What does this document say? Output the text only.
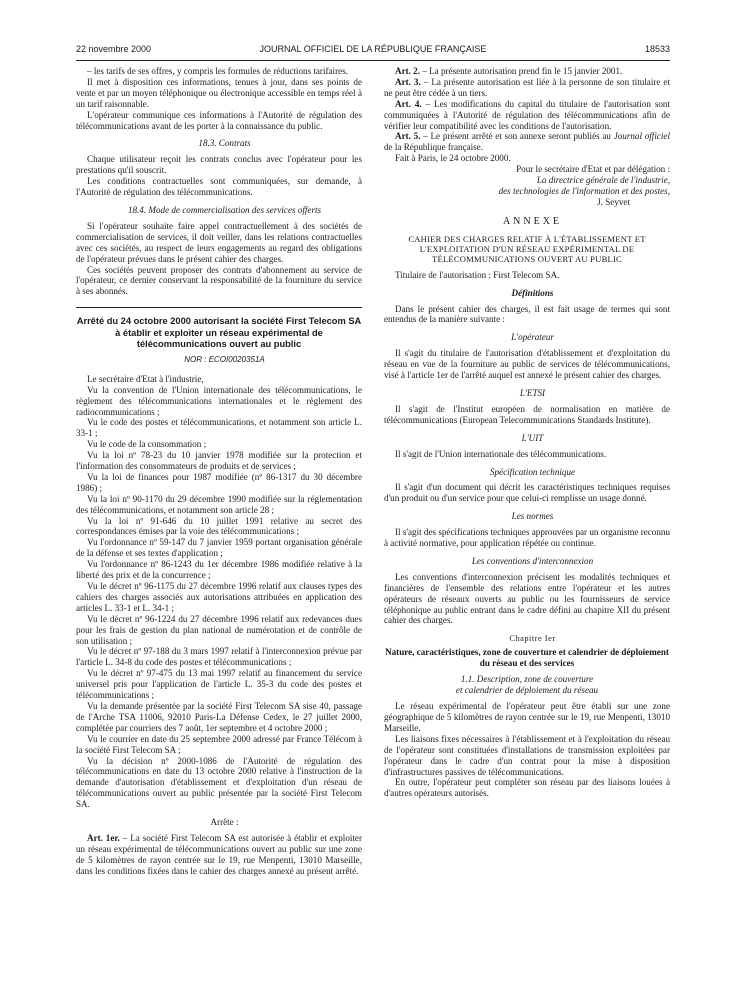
22 novembre 2000	JOURNAL OFFICIEL DE LA RÉPUBLIQUE FRANÇAISE	18533

– les tarifs de ses offres, y compris les formules de réductions tarifaires.

Il met à disposition ces informations, tenues à jour, dans ses points de vente et par un moyen téléphonique ou électronique accessible en temps réel à un tarif raisonnable.

L'opérateur communique ces informations à l'Autorité de régulation des télécommunications avant de les porter à la connaissance du public.

18.3. Contrats

Chaque utilisateur reçoit les contrats conclus avec l'opérateur pour les prestations qu'il souscrit.

Les conditions contractuelles sont communiquées, sur demande, à l'Autorité de régulation des télécommunications.

18.4. Mode de commercialisation des services offerts

Si l'opérateur souhaite faire appel contractuellement à des sociétés de commercialisation de services, il doit veiller, dans les relations contractuelles avec ces sociétés, au respect de leurs engagements au regard des obligations de l'opérateur prévues dans le présent cahier des charges.

Ces sociétés peuvent proposer des contrats d'abonnement au service de l'opérateur, ce dernier conservant la responsabilité de la fourniture du service à ses abonnés.

Arrêté du 24 octobre 2000 autorisant la société First Telecom SA à établir et exploiter un réseau expérimental de télécommunications ouvert au public

NOR : ECOI0020351A

Le secrétaire d'Etat à l'industrie,

Vu la convention de l'Union internationale des télécommunications, le règlement des télécommunications internationales et le règlement des radiocommunications ;

Vu le code des postes et télécommunications, et notamment son article L. 33-1 ;

Vu le code de la consommation ;

Vu la loi nº 78-23 du 10 janvier 1978 modifiée sur la protection et l'information des consommateurs de produits et de services ;

Vu la loi de finances pour 1987 modifiée (nº 86-1317 du 30 décembre 1986) ;

Vu la loi nº 90-1170 du 29 décembre 1990 modifiée sur la réglementation des télécommunications, et notamment son article 28 ;

Vu la loi nº 91-646 du 10 juillet 1991 relative au secret des correspondances émises par la voie des télécommunications ;

Vu l'ordonnance nº 59-147 du 7 janvier 1959 portant organisation générale de la défense et ses textes d'application ;

Vu l'ordonnance nº 86-1243 du 1er décembre 1986 modifiée relative à la liberté des prix et de la concurrence ;

Vu le décret nº 96-1175 du 27 décembre 1996 relatif aux clauses types des cahiers des charges associés aux autorisations attribuées en application des articles L. 33-1 et L. 34-1 ;

Vu le décret nº 96-1224 du 27 décembre 1996 relatif aux redevances dues pour les frais de gestion du plan national de numérotation et de contrôle de son utilisation ;

Vu le décret nº 97-188 du 3 mars 1997 relatif à l'interconnexion prévue par l'article L. 34-8 du code des postes et télécommunications ;

Vu le décret nº 97-475 du 13 mai 1997 relatif au financement du service universel pris pour l'application de l'article L. 35-3 du code des postes et télécommunications ;

Vu la demande présentée par la société First Telecom SA sise 40, passage de l'Arche TSA 11006, 92010 Paris-La Défense Cedex, le 27 juillet 2000, complétée par courriers des 7 août, 1er septembre et 4 octobre 2000 ;

Vu le courrier en date du 25 septembre 2000 adressé par France Télécom à la société First Telecom SA ;

Vu la décision nº 2000-1086 de l'Autorité de régulation des télécommunications en date du 13 octobre 2000 relative à l'instruction de la demande d'autorisation d'établissement et d'exploitation d'un réseau de télécommunications ouvert au public présentée par la société First Telecom SA.

Arrête :

Art. 1er. – La société First Telecom SA est autorisée à établir et exploiter un réseau expérimental de télécommunications ouvert au public sur une zone de 5 kilomètres de rayon centrée sur le 19, rue Menpenti, 13010 Marseille, dans les conditions fixées dans le cahier des charges annexé au présent arrêté.

Art. 2. – La présente autorisation prend fin le 15 janvier 2001.

Art. 3. – La présente autorisation est liée à la personne de son titulaire et ne peut être cédée à un tiers.

Art. 4. – Les modifications du capital du titulaire de l'autorisation sont communiquées à l'Autorité de régulation des télécommunications afin de vérifier leur compatibilité avec les conditions de l'autorisation.

Art. 5. – Le présent arrêté et son annexe seront publiés au Journal officiel de la République française.

Fait à Paris, le 24 octobre 2000.

Pour le secrétaire d'Etat et par délégation :

La directrice générale de l'industrie,

des technologies de l'information et des postes,

J. Seyvet

ANNEXE

CAHIER DES CHARGES RELATIF À L'ÉTABLISSEMENT ET L'EXPLOITATION D'UN RÉSEAU EXPÉRIMENTAL DE TÉLÉCOMMUNICATIONS OUVERT AU PUBLIC

Titulaire de l'autorisation : First Telecom SA.

Définitions

Dans le présent cahier des charges, il est fait usage de termes qui sont entendus de la manière suivante :

L'opérateur

Il s'agit du titulaire de l'autorisation d'établissement et d'exploitation du réseau en vue de la fourniture au public de services de télécommunications, visé à l'article 1er de l'arrêté auquel est annexé le présent cahier des charges.

L'ETSI

Il s'agit de l'Institut européen de normalisation en matière de télécommunications (European Telecommunications Standards Institute).

L'UIT

Il s'agit de l'Union internationale des télécommunications.

Spécification technique

Il s'agit d'un document qui décrit les caractéristiques techniques requises d'un produit ou d'un service pour que celui-ci remplisse un usage donné.

Les normes

Il s'agit des spécifications techniques approuvées par un organisme reconnu à activité normative, pour application répétée ou continue.

Les conventions d'interconnexion

Les conventions d'interconnexion précisent les modalités techniques et financières de l'ensemble des relations entre l'opérateur et les autres opérateurs de réseaux ouverts au public ou les fournisseurs de service téléphonique au public entrant dans le cadre défini au chapitre XII du présent cahier des charges.

Chapitre Ier

Nature, caractéristiques, zone de couverture et calendrier de déploiement du réseau et des services

1.1. Description, zone de couverture

et calendrier de déploiement du réseau

Le réseau expérimental de l'opérateur peut être établi sur une zone géographique de 5 kilomètres de rayon centrée sur le 19, rue Menpenti, 13010 Marseille.

Les liaisons fixes nécessaires à l'établissement et à l'exploitation du réseau de l'opérateur sont constituées d'installations de transmission exploitées par l'opérateur dans le cadre d'un contrat pour la mise à disposition d'infrastructures passives de télécommunications.

En outre, l'opérateur peut compléter son réseau par des liaisons louées à d'autres opérateurs autorisés.
